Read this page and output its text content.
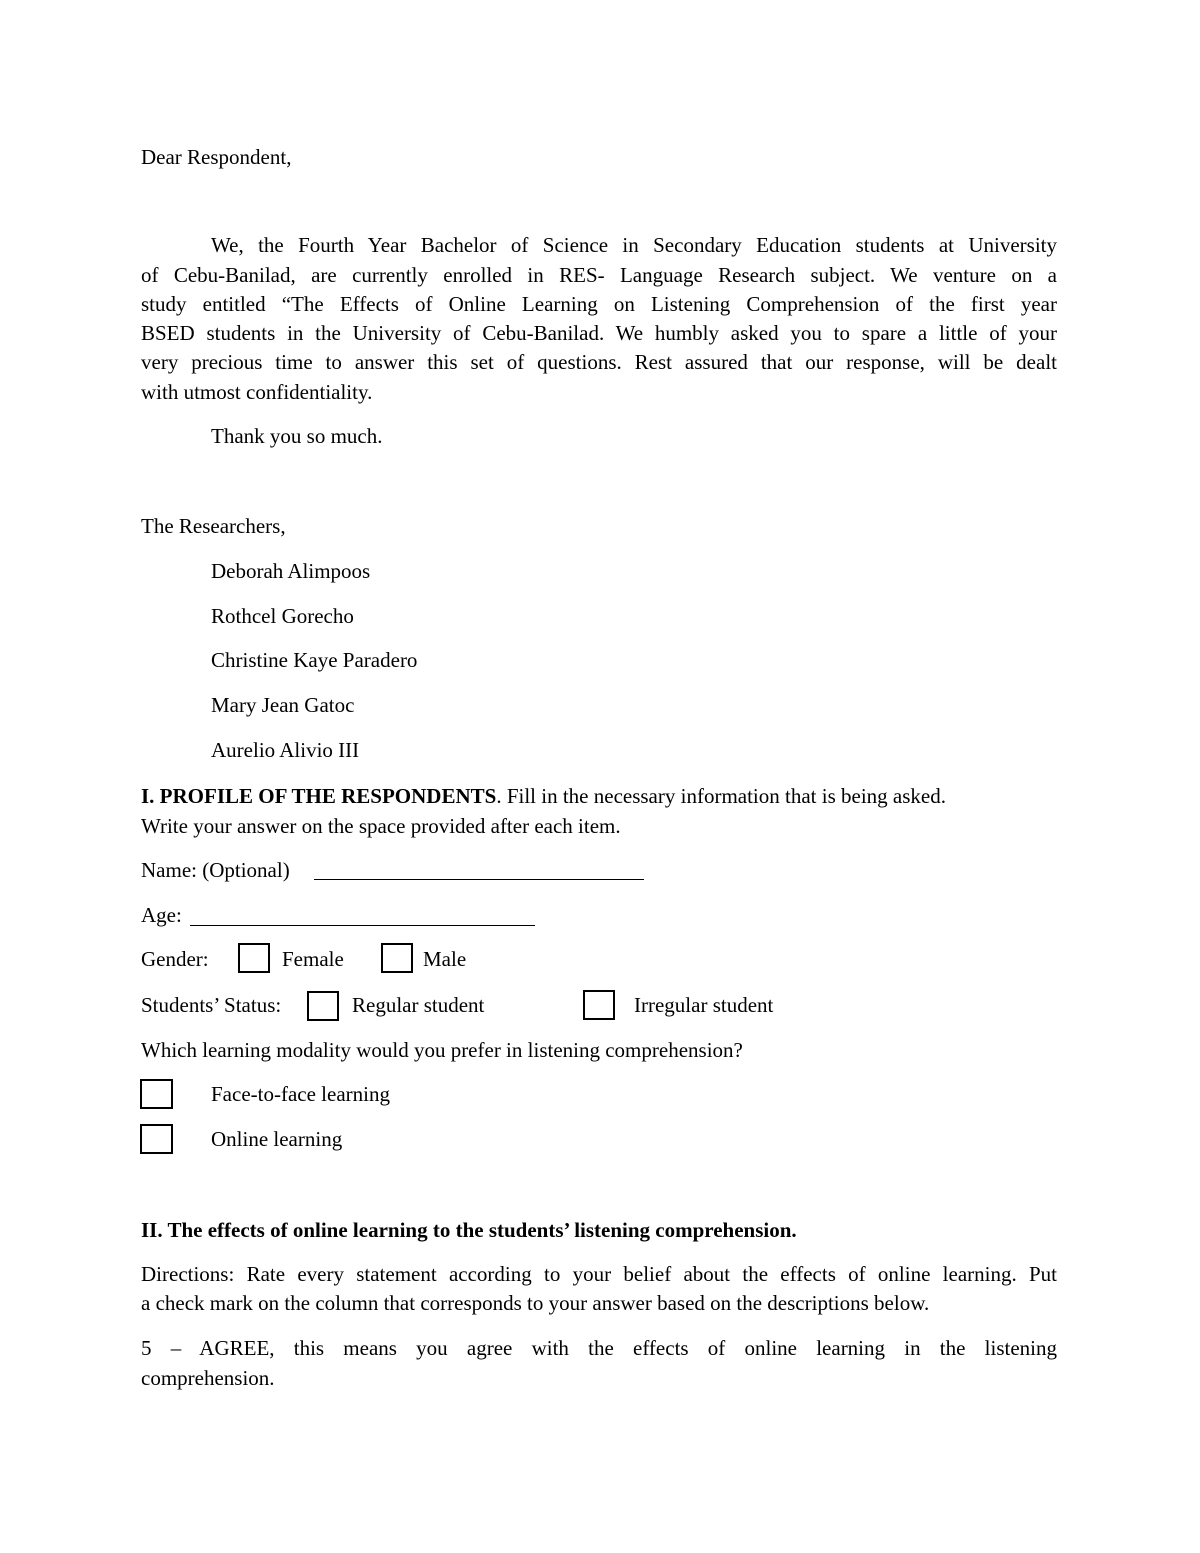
Dear Respondent,
We, the Fourth Year Bachelor of Science in Secondary Education students at University
of Cebu-Banilad, are currently enrolled in RES- Language Research subject. We venture on a
study entitled “The Effects of Online Learning on Listening Comprehension of the first year
BSED students in the University of Cebu-Banilad. We humbly asked you to spare a little of your
very precious time to answer this set of questions. Rest assured that our response, will be dealt
with utmost confidentiality.
Thank you so much.
The Researchers,
Deborah Alimpoos
Rothcel Gorecho
Christine Kaye Paradero
Mary Jean Gatoc
Aurelio Alivio III
I. PROFILE OF THE RESPONDENTS. Fill in the necessary information that is being asked.
Write your answer on the space provided after each item.
Name: (Optional)
Age:
Gender:	Female	Male
Students’ Status:	Regular student	Irregular student
Which learning modality would you prefer in listening comprehension?
Face-to-face learning
Online learning
II. The effects of online learning to the students’ listening comprehension.
Directions: Rate every statement according to your belief about the effects of online learning. Put
a check mark on the column that corresponds to your answer based on the descriptions below.
5 – AGREE, this means you agree with the effects of online learning in the listening
comprehension.
